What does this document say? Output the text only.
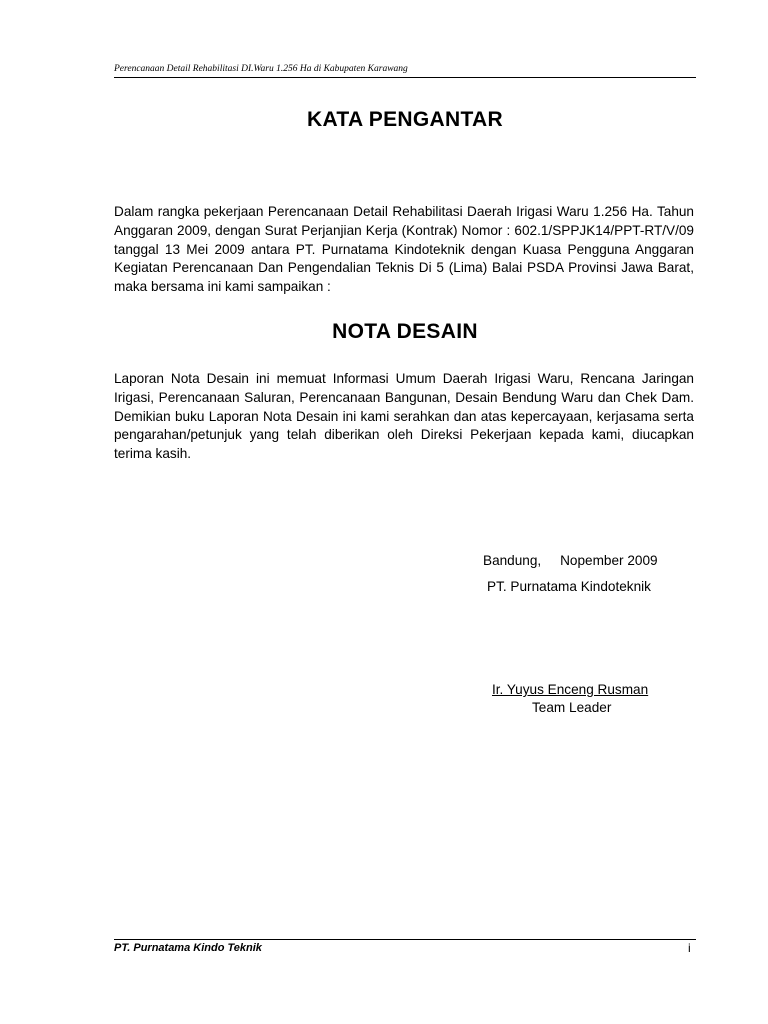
Perencanaan Detail Rehabilitasi DI.Waru 1.256 Ha di Kabupaten Karawang
KATA PENGANTAR

Dalam rangka pekerjaan Perencanaan Detail Rehabilitasi Daerah Irigasi Waru 1.256 Ha. Tahun Anggaran 2009, dengan Surat Perjanjian Kerja (Kontrak) Nomor : 602.1/SPPJK14/PPT-RT/V/09 tanggal 13 Mei 2009 antara PT. Purnatama Kindoteknik dengan Kuasa Pengguna Anggaran Kegiatan Perencanaan Dan Pengendalian Teknis Di 5 (Lima) Balai PSDA Provinsi Jawa Barat, maka bersama ini kami sampaikan :

NOTA DESAIN

Laporan Nota Desain ini memuat Informasi Umum Daerah Irigasi Waru, Rencana Jaringan Irigasi, Perencanaan Saluran, Perencanaan Bangunan, Desain Bendung Waru dan Chek Dam. Demikian buku Laporan Nota Desain ini kami serahkan dan atas kepercayaan, kerjasama serta pengarahan/petunjuk yang telah diberikan oleh Direksi Pekerjaan kepada kami, diucapkan terima kasih.

Bandung,     Nopember 2009
PT. Purnatama Kindoteknik
Ir. Yuyus Enceng Rusman
Team Leader
PT. Purnatama Kindo Teknik	i
